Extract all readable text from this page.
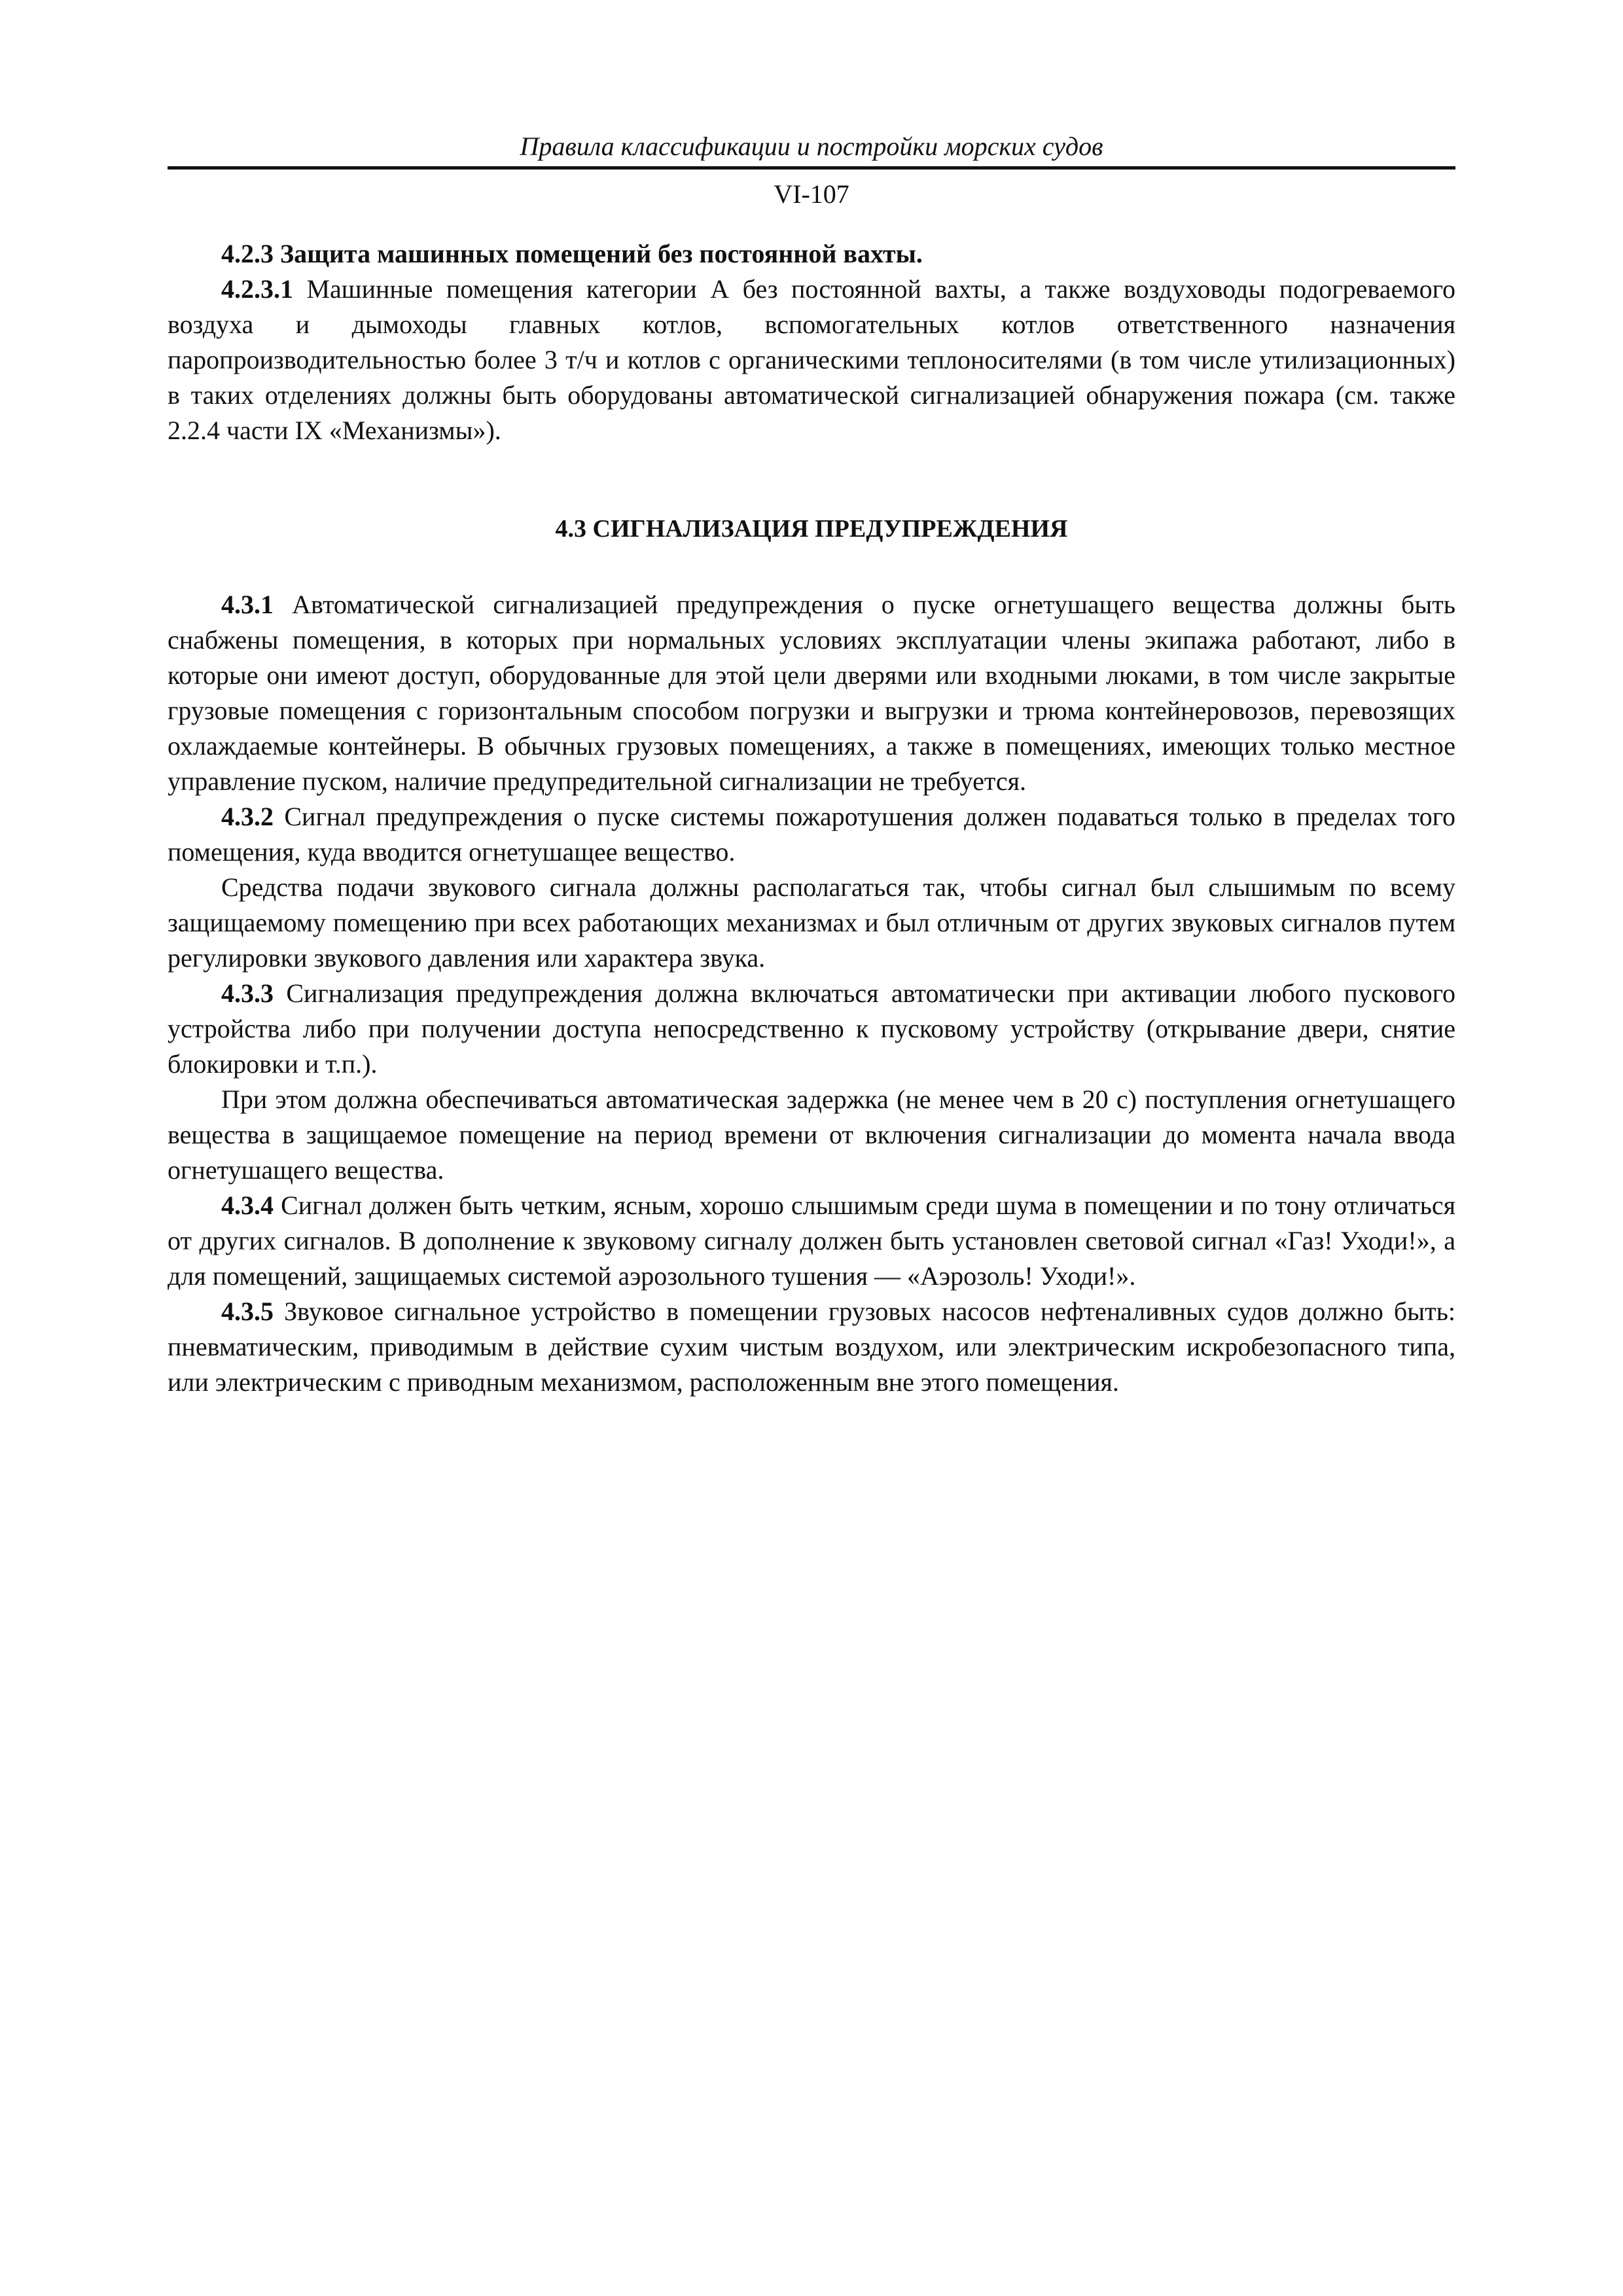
Правила классификации и постройки морских судов
VI-107

4.2.3 Защита машинных помещений без постоянной вахты.

4.2.3.1 Машинные помещения категории А без постоянной вахты, а также воздуховоды подогреваемого воздуха и дымоходы главных котлов, вспомогательных котлов ответственного назначения паропроизводительностью более 3 т/ч и котлов с органическими теплоносителями (в том числе утилизационных) в таких отделениях должны быть оборудованы автоматической сигнализацией обнаружения пожара (см. также 2.2.4 части IX «Механизмы»).

4.3 СИГНАЛИЗАЦИЯ ПРЕДУПРЕЖДЕНИЯ

4.3.1 Автоматической сигнализацией предупреждения о пуске огнетушащего вещества должны быть снабжены помещения, в которых при нормальных условиях эксплуатации члены экипажа работают, либо в которые они имеют доступ, оборудованные для этой цели дверями или входными люками, в том числе закрытые грузовые помещения с горизонтальным способом погрузки и выгрузки и трюма контейнеровозов, перевозящих охлаждаемые контейнеры. В обычных грузовых помещениях, а также в помещениях, имеющих только местное управление пуском, наличие предупредительной сигнализации не требуется.

4.3.2 Сигнал предупреждения о пуске системы пожаротушения должен подаваться только в пределах того помещения, куда вводится огнетушащее вещество.

Средства подачи звукового сигнала должны располагаться так, чтобы сигнал был слышимым по всему защищаемому помещению при всех работающих механизмах и был отличным от других звуковых сигналов путем регулировки звукового давления или характера звука.

4.3.3 Сигнализация предупреждения должна включаться автоматически при активации любого пускового устройства либо при получении доступа непосредственно к пусковому устройству (открывание двери, снятие блокировки и т.п.).

При этом должна обеспечиваться автоматическая задержка (не менее чем в 20 с) поступления огнетушащего вещества в защищаемое помещение на период времени от включения сигнализации до момента начала ввода огнетушащего вещества.

4.3.4 Сигнал должен быть четким, ясным, хорошо слышимым среди шума в помещении и по тону отличаться от других сигналов. В дополнение к звуковому сигналу должен быть установлен световой сигнал «Газ! Уходи!», а для помещений, защищаемых системой аэрозольного тушения — «Аэрозоль! Уходи!».

4.3.5 Звуковое сигнальное устройство в помещении грузовых насосов нефтеналивных судов должно быть: пневматическим, приводимым в действие сухим чистым воздухом, или электрическим искробезопасного типа, или электрическим с приводным механизмом, расположенным вне этого помещения.
